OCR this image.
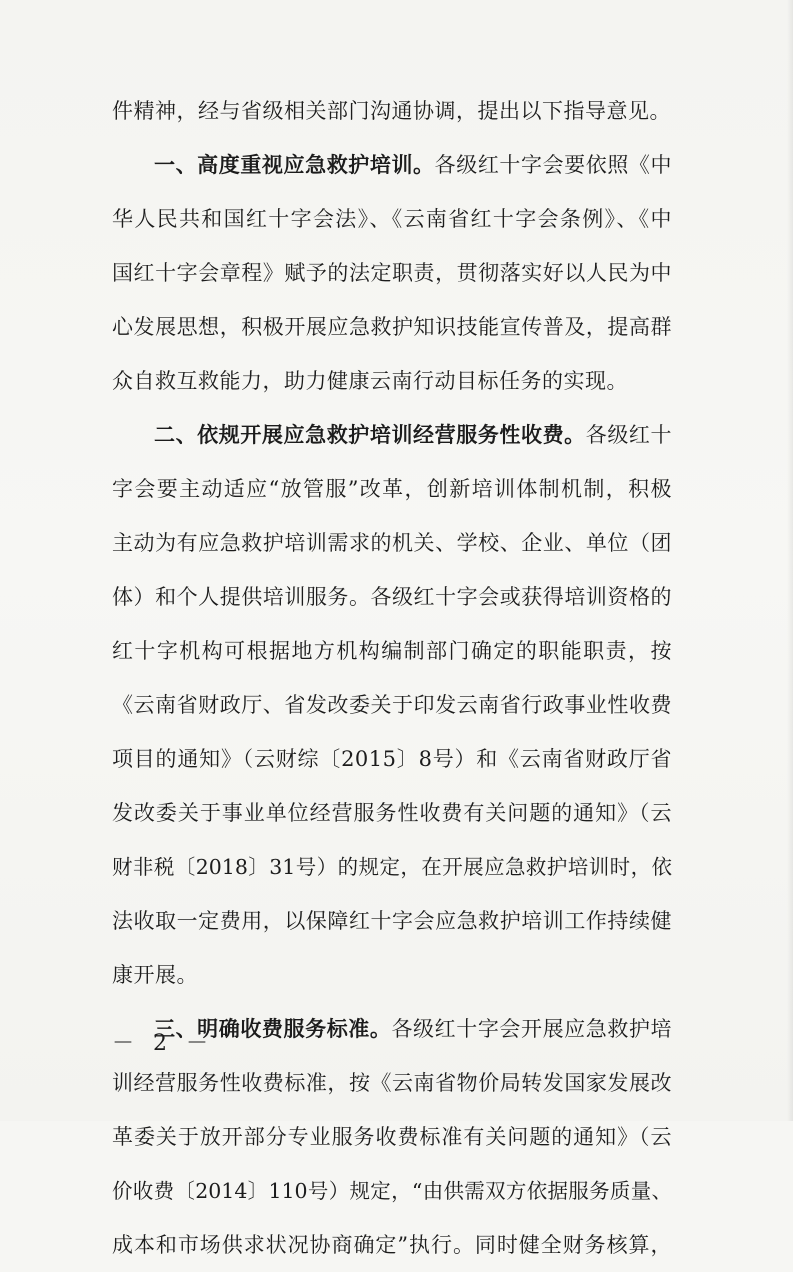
件精神，经与省级相关部门沟通协调，提出以下指导意见。
一、高度重视应急救护培训。各级红十字会要依照《中
华人民共和国红十字会法》、《云南省红十字会条例》、《中
国红十字会章程》赋予的法定职责，贯彻落实好以人民为中
心发展思想，积极开展应急救护知识技能宣传普及，提高群
众自救互救能力，助力健康云南行动目标任务的实现。
二、依规开展应急救护培训经营服务性收费。各级红十
字会要主动适应“放管服”改革，创新培训体制机制，积极
主动为有应急救护培训需求的机关、学校、企业、单位（团
体）和个人提供培训服务。各级红十字会或获得培训资格的
红十字机构可根据地方机构编制部门确定的职能职责，按
《云南省财政厅、省发改委关于印发云南省行政事业性收费
项目的通知》（云财综〔2015〕8号）和《云南省财政厅省
发改委关于事业单位经营服务性收费有关问题的通知》（云
财非税〔2018〕31号）的规定，在开展应急救护培训时，依
法收取一定费用，以保障红十字会应急救护培训工作持续健
康开展。
三、明确收费服务标准。各级红十字会开展应急救护培
训经营服务性收费标准，按《云南省物价局转发国家发展改
革委关于放开部分专业服务收费标准有关问题的通知》（云
价收费〔2014〕110号）规定，“由供需双方依据服务质量、
成本和市场供求状况协商确定”执行。同时健全财务核算，
－ 2 －
